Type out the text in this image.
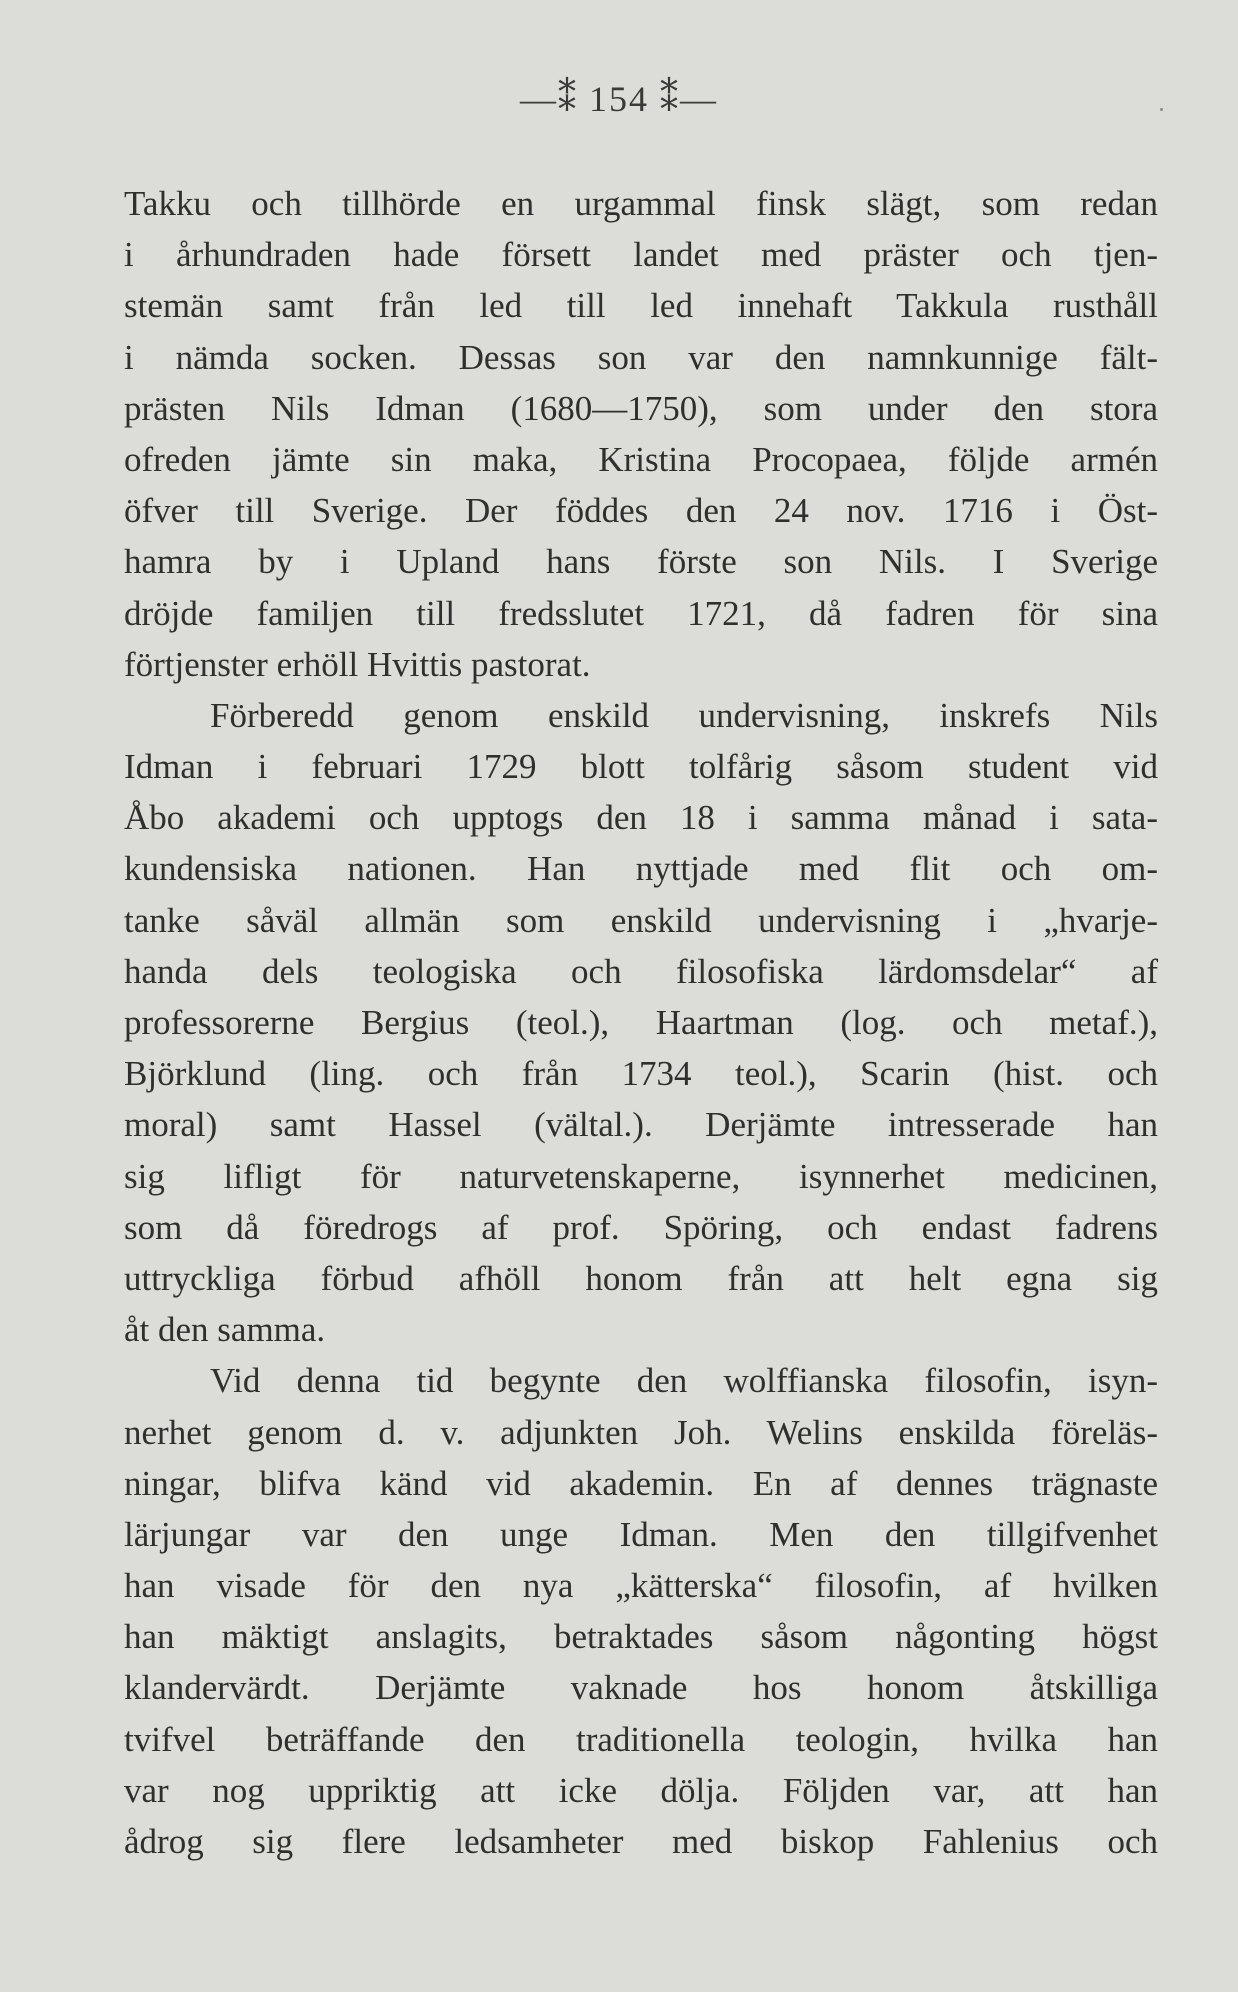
—⁑ 154 ⁑—
Takku och tillhörde en urgammal finsk slägt, som redan
i århundraden hade försett landet med präster och tjen-
stemän samt från led till led innehaft Takkula rusthåll
i nämda socken. Dessas son var den namnkunnige fält-
prästen Nils Idman (1680—1750), som under den stora
ofreden jämte sin maka, Kristina Procopaea, följde armén
öfver till Sverige. Der föddes den 24 nov. 1716 i Öst-
hamra by i Upland hans förste son Nils. I Sverige
dröjde familjen till fredsslutet 1721, då fadren för sina
förtjenster erhöll Hvittis pastorat.
Förberedd genom enskild undervisning, inskrefs Nils
Idman i februari 1729 blott tolfårig såsom student vid
Åbo akademi och upptogs den 18 i samma månad i sata-
kundensiska nationen. Han nyttjade med flit och om-
tanke såväl allmän som enskild undervisning i „hvarje-
handa dels teologiska och filosofiska lärdomsdelar“ af
professorerne Bergius (teol.), Haartman (log. och metaf.),
Björklund (ling. och från 1734 teol.), Scarin (hist. och
moral) samt Hassel (vältal.). Derjämte intresserade han
sig lifligt för naturvetenskaperne, isynnerhet medicinen,
som då föredrogs af prof. Spöring, och endast fadrens
uttryckliga förbud afhöll honom från att helt egna sig
åt den samma.
Vid denna tid begynte den wolffianska filosofin, isyn-
nerhet genom d. v. adjunkten Joh. Welins enskilda föreläs-
ningar, blifva känd vid akademin. En af dennes trägnaste
lärjungar var den unge Idman. Men den tillgifvenhet
han visade för den nya „kätterska“ filosofin, af hvilken
han mäktigt anslagits, betraktades såsom någonting högst
klandervärdt. Derjämte vaknade hos honom åtskilliga
tvifvel beträffande den traditionella teologin, hvilka han
var nog uppriktig att icke dölja. Följden var, att han
ådrog sig flere ledsamheter med biskop Fahlenius och
